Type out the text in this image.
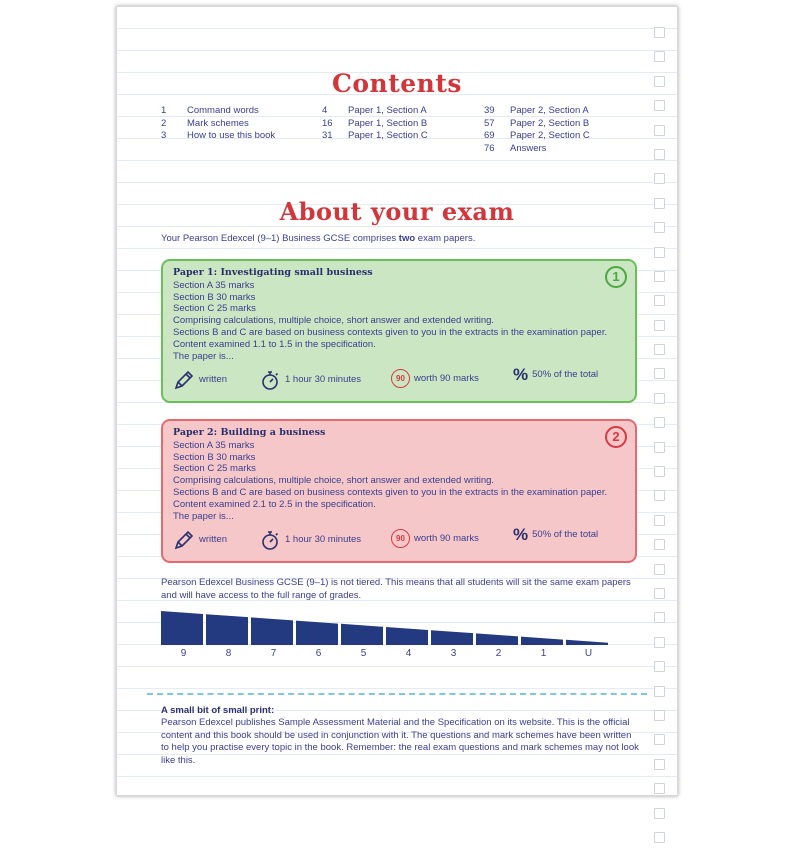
Contents
1	Command words
2	Mark schemes
3	How to use this book
4	Paper 1, Section A
16	Paper 1, Section B
31	Paper 1, Section C
39	Paper 2, Section A
57	Paper 2, Section B
69	Paper 2, Section C
76	Answers
About your exam
Your Pearson Edexcel (9–1) Business GCSE comprises two exam papers.
1
Paper 1: Investigating small business
Section A 35 marks
Section B 30 marks
Section C 25 marks
Comprising calculations, multiple choice, short answer and extended writing.
Sections B and C are based on business contexts given to you in the extracts in the examination paper.
Content examined 1.1 to 1.5 in the specification.
The paper is...
written	1 hour 30 minutes	90 worth 90 marks % 50% of the total
2
Paper 2: Building a business
Section A 35 marks
Section B 30 marks
Section C 25 marks
Comprising calculations, multiple choice, short answer and extended writing.
Sections B and C are based on business contexts given to you in the extracts in the examination paper.
Content examined 2.1 to 2.5 in the specification.
The paper is...
written	1 hour 30 minutes	90 worth 90 marks % 50% of the total
Pearson Edexcel Business GCSE (9–1) is not tiered. This means that all students will sit the same exam papers and will have access to the full range of grades.
9	8	7	6	5	4	3	2	1	U
A small bit of small print:
Pearson Edexcel publishes Sample Assessment Material and the Specification on its website. This is the official content and this book should be used in conjunction with it. The questions and mark schemes have been written to help you practise every topic in the book. Remember: the real exam questions and mark schemes may not look like this.
